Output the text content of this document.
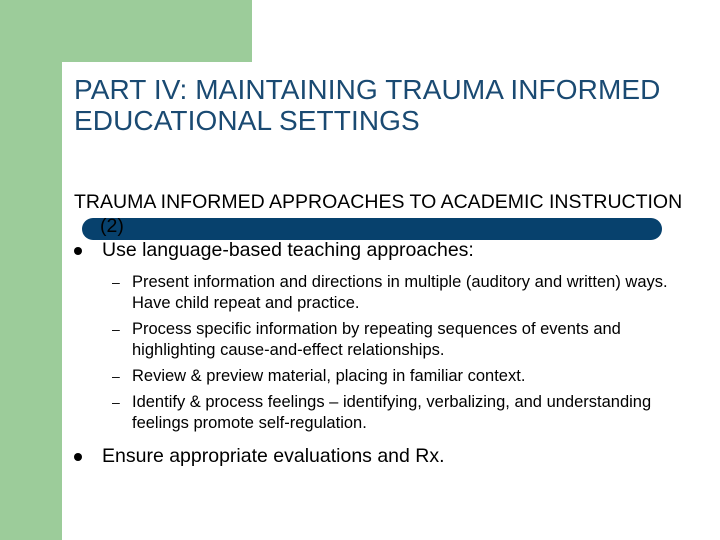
PART IV: MAINTAINING TRAUMA INFORMED EDUCATIONAL SETTINGS

TRAUMA INFORMED APPROACHES TO ACADEMIC INSTRUCTION (2)

Use language-based teaching approaches:
– Present information and directions in multiple (auditory and written) ways. Have child repeat and practice.
– Process specific information by repeating sequences of events and highlighting cause-and-effect relationships.
– Review & preview material, placing in familiar context.
– Identify & process feelings – identifying, verbalizing, and understanding feelings promote self-regulation.
Ensure appropriate evaluations and Rx.
